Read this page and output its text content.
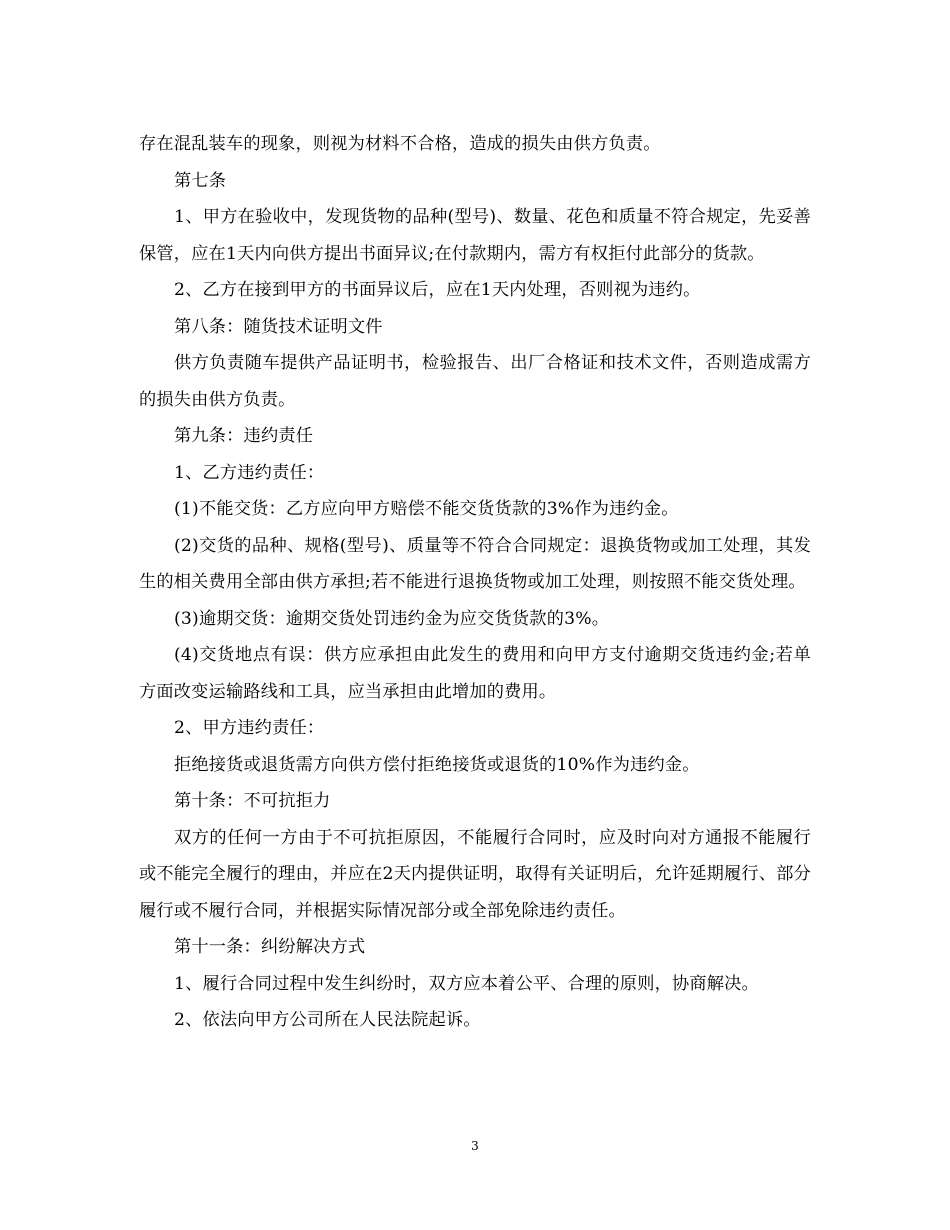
存在混乱装车的现象，则视为材料不合格，造成的损失由供方负责。

第七条

1、甲方在验收中，发现货物的品种(型号)、数量、花色和质量不符合规定，先妥善保管，应在1天内向供方提出书面异议;在付款期内，需方有权拒付此部分的货款。

2、乙方在接到甲方的书面异议后，应在1天内处理，否则视为违约。

第八条：随货技术证明文件

供方负责随车提供产品证明书，检验报告、出厂合格证和技术文件，否则造成需方的损失由供方负责。

第九条：违约责任

1、乙方违约责任：

(1)不能交货：乙方应向甲方赔偿不能交货货款的3%作为违约金。

(2)交货的品种、规格(型号)、质量等不符合合同规定：退换货物或加工处理，其发生的相关费用全部由供方承担;若不能进行退换货物或加工处理，则按照不能交货处理。

(3)逾期交货：逾期交货处罚违约金为应交货货款的3%。

(4)交货地点有误：供方应承担由此发生的费用和向甲方支付逾期交货违约金;若单方面改变运输路线和工具，应当承担由此增加的费用。

2、甲方违约责任：

拒绝接货或退货需方向供方偿付拒绝接货或退货的10%作为违约金。

第十条：不可抗拒力

双方的任何一方由于不可抗拒原因，不能履行合同时，应及时向对方通报不能履行或不能完全履行的理由，并应在2天内提供证明，取得有关证明后，允许延期履行、部分履行或不履行合同，并根据实际情况部分或全部免除违约责任。

第十一条：纠纷解决方式

1、履行合同过程中发生纠纷时，双方应本着公平、合理的原则，协商解决。

2、依法向甲方公司所在人民法院起诉。

3
